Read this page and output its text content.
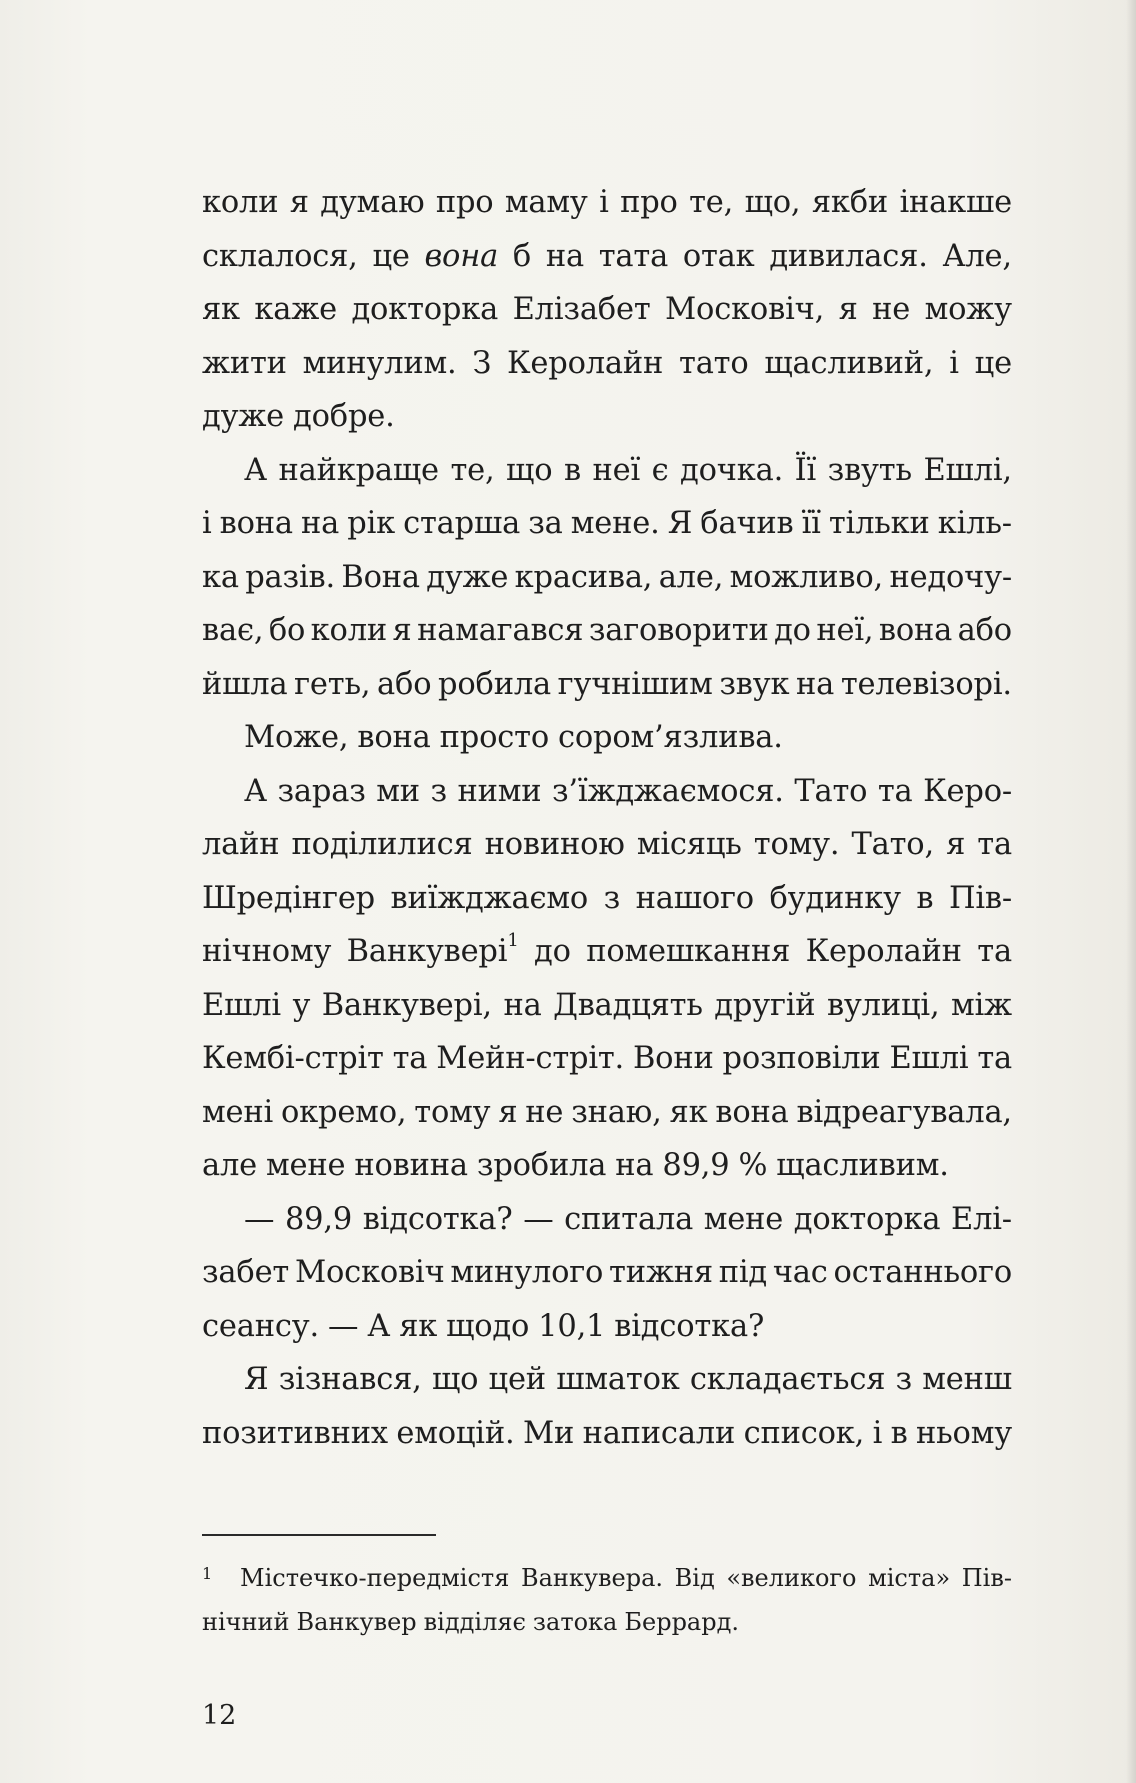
коли я думаю про маму і про те, що, якби інакше
склалося, це вона б на тата отак дивилася. Але,
як каже докторка Елізабет Московіч, я не можу
жити минулим. З Керолайн тато щасливий, і це
дуже добре.
А найкраще те, що в неї є дочка. Її звуть Ешлі,
і вона на рік старша за мене. Я бачив її тільки кіль-
ка разів. Вона дуже красива, але, можливо, недочу-
ває, бо коли я намагався заговорити до неї, вона або
йшла геть, або робила гучнішим звук на телевізорі.
Може, вона просто сором’язлива.
А зараз ми з ними з’їжджаємося. Тато та Керо-
лайн поділилися новиною місяць тому. Тато, я та
Шредінгер виїжджаємо з нашого будинку в Пів-
нічному Ванкувері$^1$ до помешкання Керолайн та
Ешлі у Ванкувері, на Двадцять другій вулиці, між
Кембі-стріт та Мейн-стріт. Вони розповіли Ешлі та
мені окремо, тому я не знаю, як вона відреагувала,
але мене новина зробила на 89,9 % щасливим.
— 89,9 відсотка? — спитала мене докторка Елі-
забет Московіч минулого тижня під час останнього
сеансу. — А як щодо 10,1 відсотка?
Я зізнався, що цей шматок складається з менш
позитивних емоцій. Ми написали список, і в ньому
1 Містечко-передмістя Ванкувера. Від «великого міста» Пів-
нічний Ванкувер відділяє затока Беррард.
12
